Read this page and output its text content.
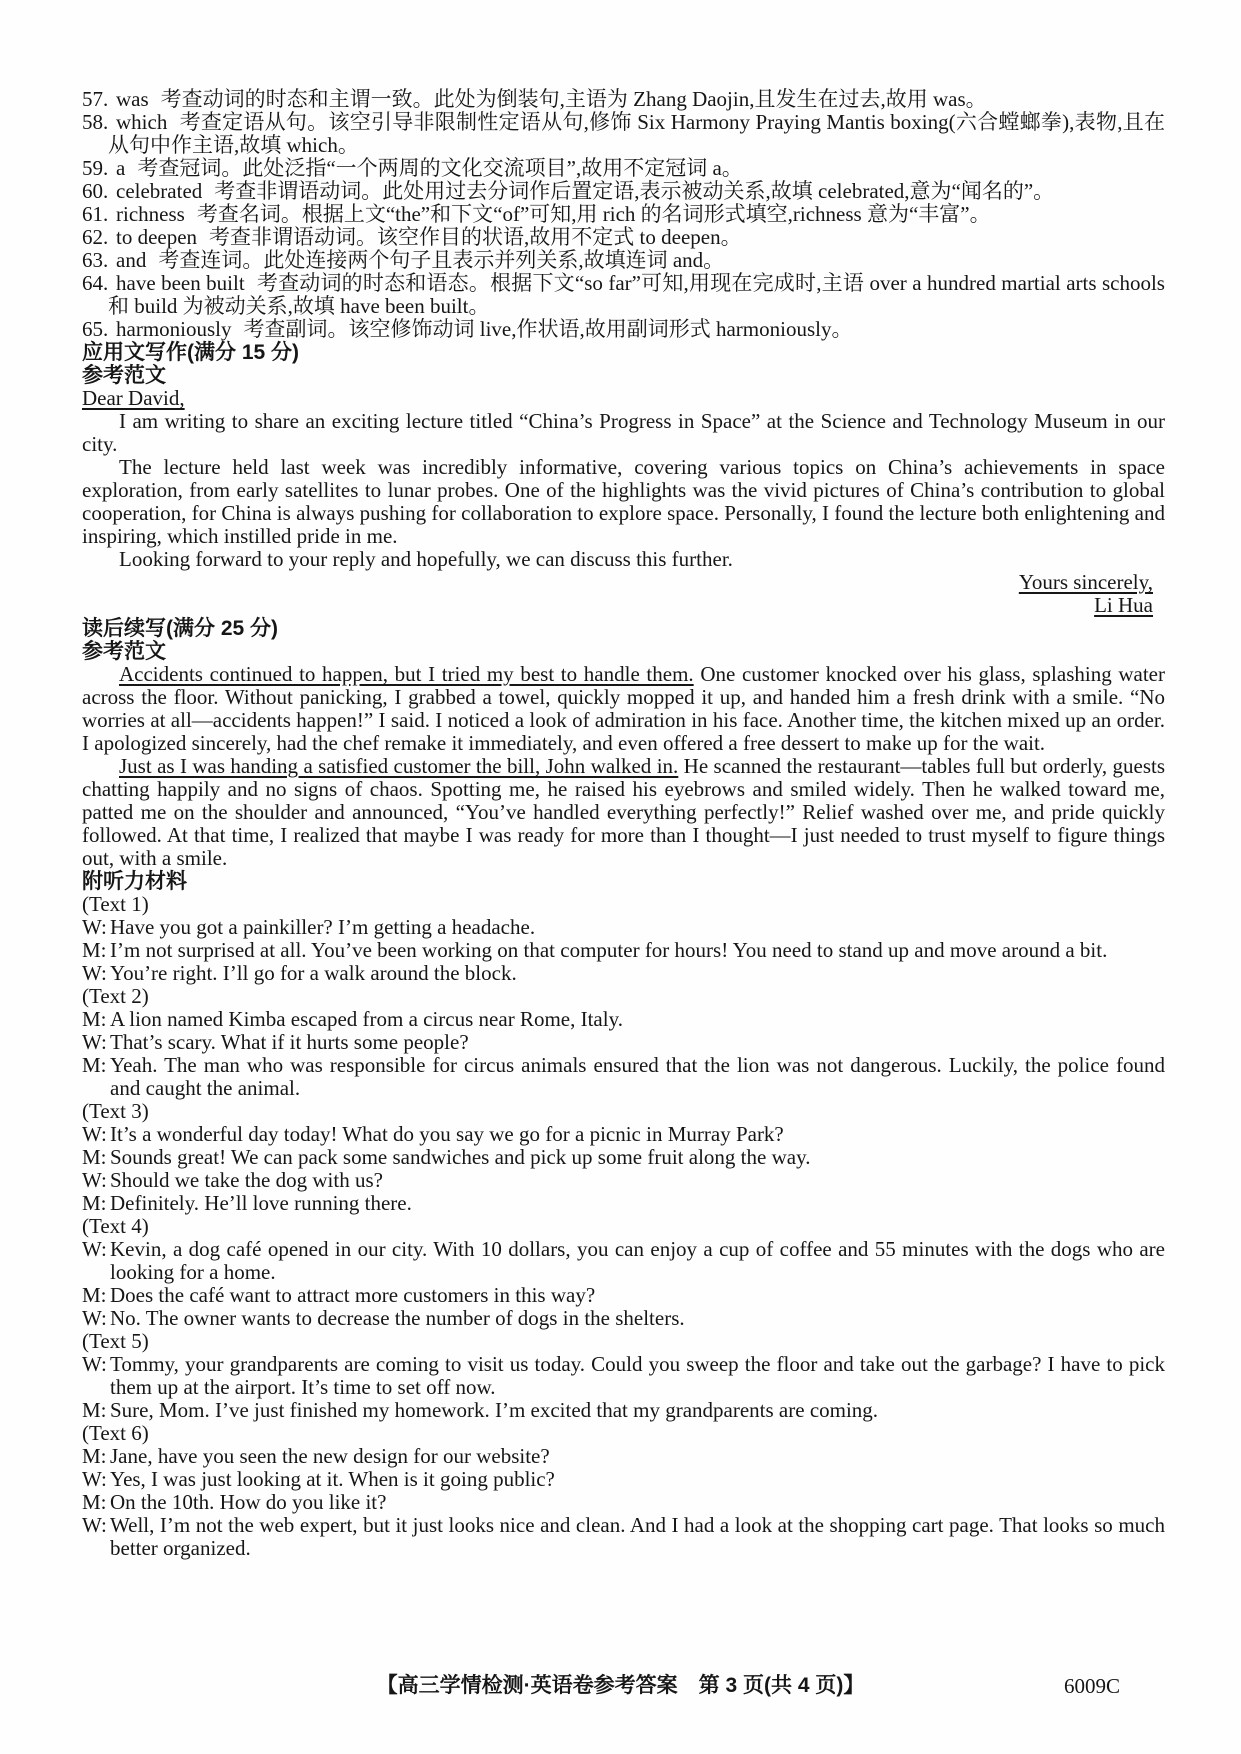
57. was 考查动词的时态和主谓一致。此处为倒装句,主语为 Zhang Daojin,且发生在过去,故用 was。

58. which 考查定语从句。该空引导非限制性定语从句,修饰 Six Harmony Praying Mantis boxing(六合螳螂拳),表物,且在从句中作主语,故填 which。

59. a 考查冠词。此处泛指“一个两周的文化交流项目”,故用不定冠词 a。

60. celebrated 考查非谓语动词。此处用过去分词作后置定语,表示被动关系,故填 celebrated,意为“闻名的”。

61. richness 考查名词。根据上文“the”和下文“of”可知,用 rich 的名词形式填空,richness 意为“丰富”。

62. to deepen 考查非谓语动词。该空作目的状语,故用不定式 to deepen。

63. and 考查连词。此处连接两个句子且表示并列关系,故填连词 and。

64. have been built 考查动词的时态和语态。根据下文“so far”可知,用现在完成时,主语 over a hundred martial arts schools 和 build 为被动关系,故填 have been built。

65. harmoniously 考查副词。该空修饰动词 live,作状语,故用副词形式 harmoniously。

应用文写作(满分 15 分)
参考范文

Dear David,

I am writing to share an exciting lecture titled “China’s Progress in Space” at the Science and Technology Museum in our city.

The lecture held last week was incredibly informative, covering various topics on China’s achievements in space exploration, from early satellites to lunar probes. One of the highlights was the vivid pictures of China’s contribution to global cooperation, for China is always pushing for collaboration to explore space. Personally, I found the lecture both enlightening and inspiring, which instilled pride in me.

Looking forward to your reply and hopefully, we can discuss this further.

Yours sincerely,

Li Hua

读后续写(满分 25 分)
参考范文

Accidents continued to happen, but I tried my best to handle them. One customer knocked over his glass, splashing water across the floor. Without panicking, I grabbed a towel, quickly mopped it up, and handed him a fresh drink with a smile. “No worries at all—accidents happen!” I said. I noticed a look of admiration in his face. Another time, the kitchen mixed up an order. I apologized sincerely, had the chef remake it immediately, and even offered a free dessert to make up for the wait.

Just as I was handing a satisfied customer the bill, John walked in. He scanned the restaurant—tables full but orderly, guests chatting happily and no signs of chaos. Spotting me, he raised his eyebrows and smiled widely. Then he walked toward me, patted me on the shoulder and announced, “You’ve handled everything perfectly!” Relief washed over me, and pride quickly followed. At that time, I realized that maybe I was ready for more than I thought—I just needed to trust myself to figure things out, with a smile.

附听力材料

(Text 1)

W: Have you got a painkiller? I’m getting a headache.

M: I’m not surprised at all. You’ve been working on that computer for hours! You need to stand up and move around a bit.

W: You’re right. I’ll go for a walk around the block.

(Text 2)

M: A lion named Kimba escaped from a circus near Rome, Italy.

W: That’s scary. What if it hurts some people?

M: Yeah. The man who was responsible for circus animals ensured that the lion was not dangerous. Luckily, the police found and caught the animal.

(Text 3)

W: It’s a wonderful day today! What do you say we go for a picnic in Murray Park?

M: Sounds great! We can pack some sandwiches and pick up some fruit along the way.

W: Should we take the dog with us?

M: Definitely. He’ll love running there.

(Text 4)

W: Kevin, a dog café opened in our city. With 10 dollars, you can enjoy a cup of coffee and 55 minutes with the dogs who are looking for a home.

M: Does the café want to attract more customers in this way?

W: No. The owner wants to decrease the number of dogs in the shelters.

(Text 5)

W: Tommy, your grandparents are coming to visit us today. Could you sweep the floor and take out the garbage? I have to pick them up at the airport. It’s time to set off now.

M: Sure, Mom. I’ve just finished my homework. I’m excited that my grandparents are coming.

(Text 6)

M: Jane, have you seen the new design for our website?

W: Yes, I was just looking at it. When is it going public?

M: On the 10th. How do you like it?

W: Well, I’m not the web expert, but it just looks nice and clean. And I had a look at the shopping cart page. That looks so much better organized.

【高三学情检测·英语卷参考答案　第 3 页(共 4 页)】	6009C
